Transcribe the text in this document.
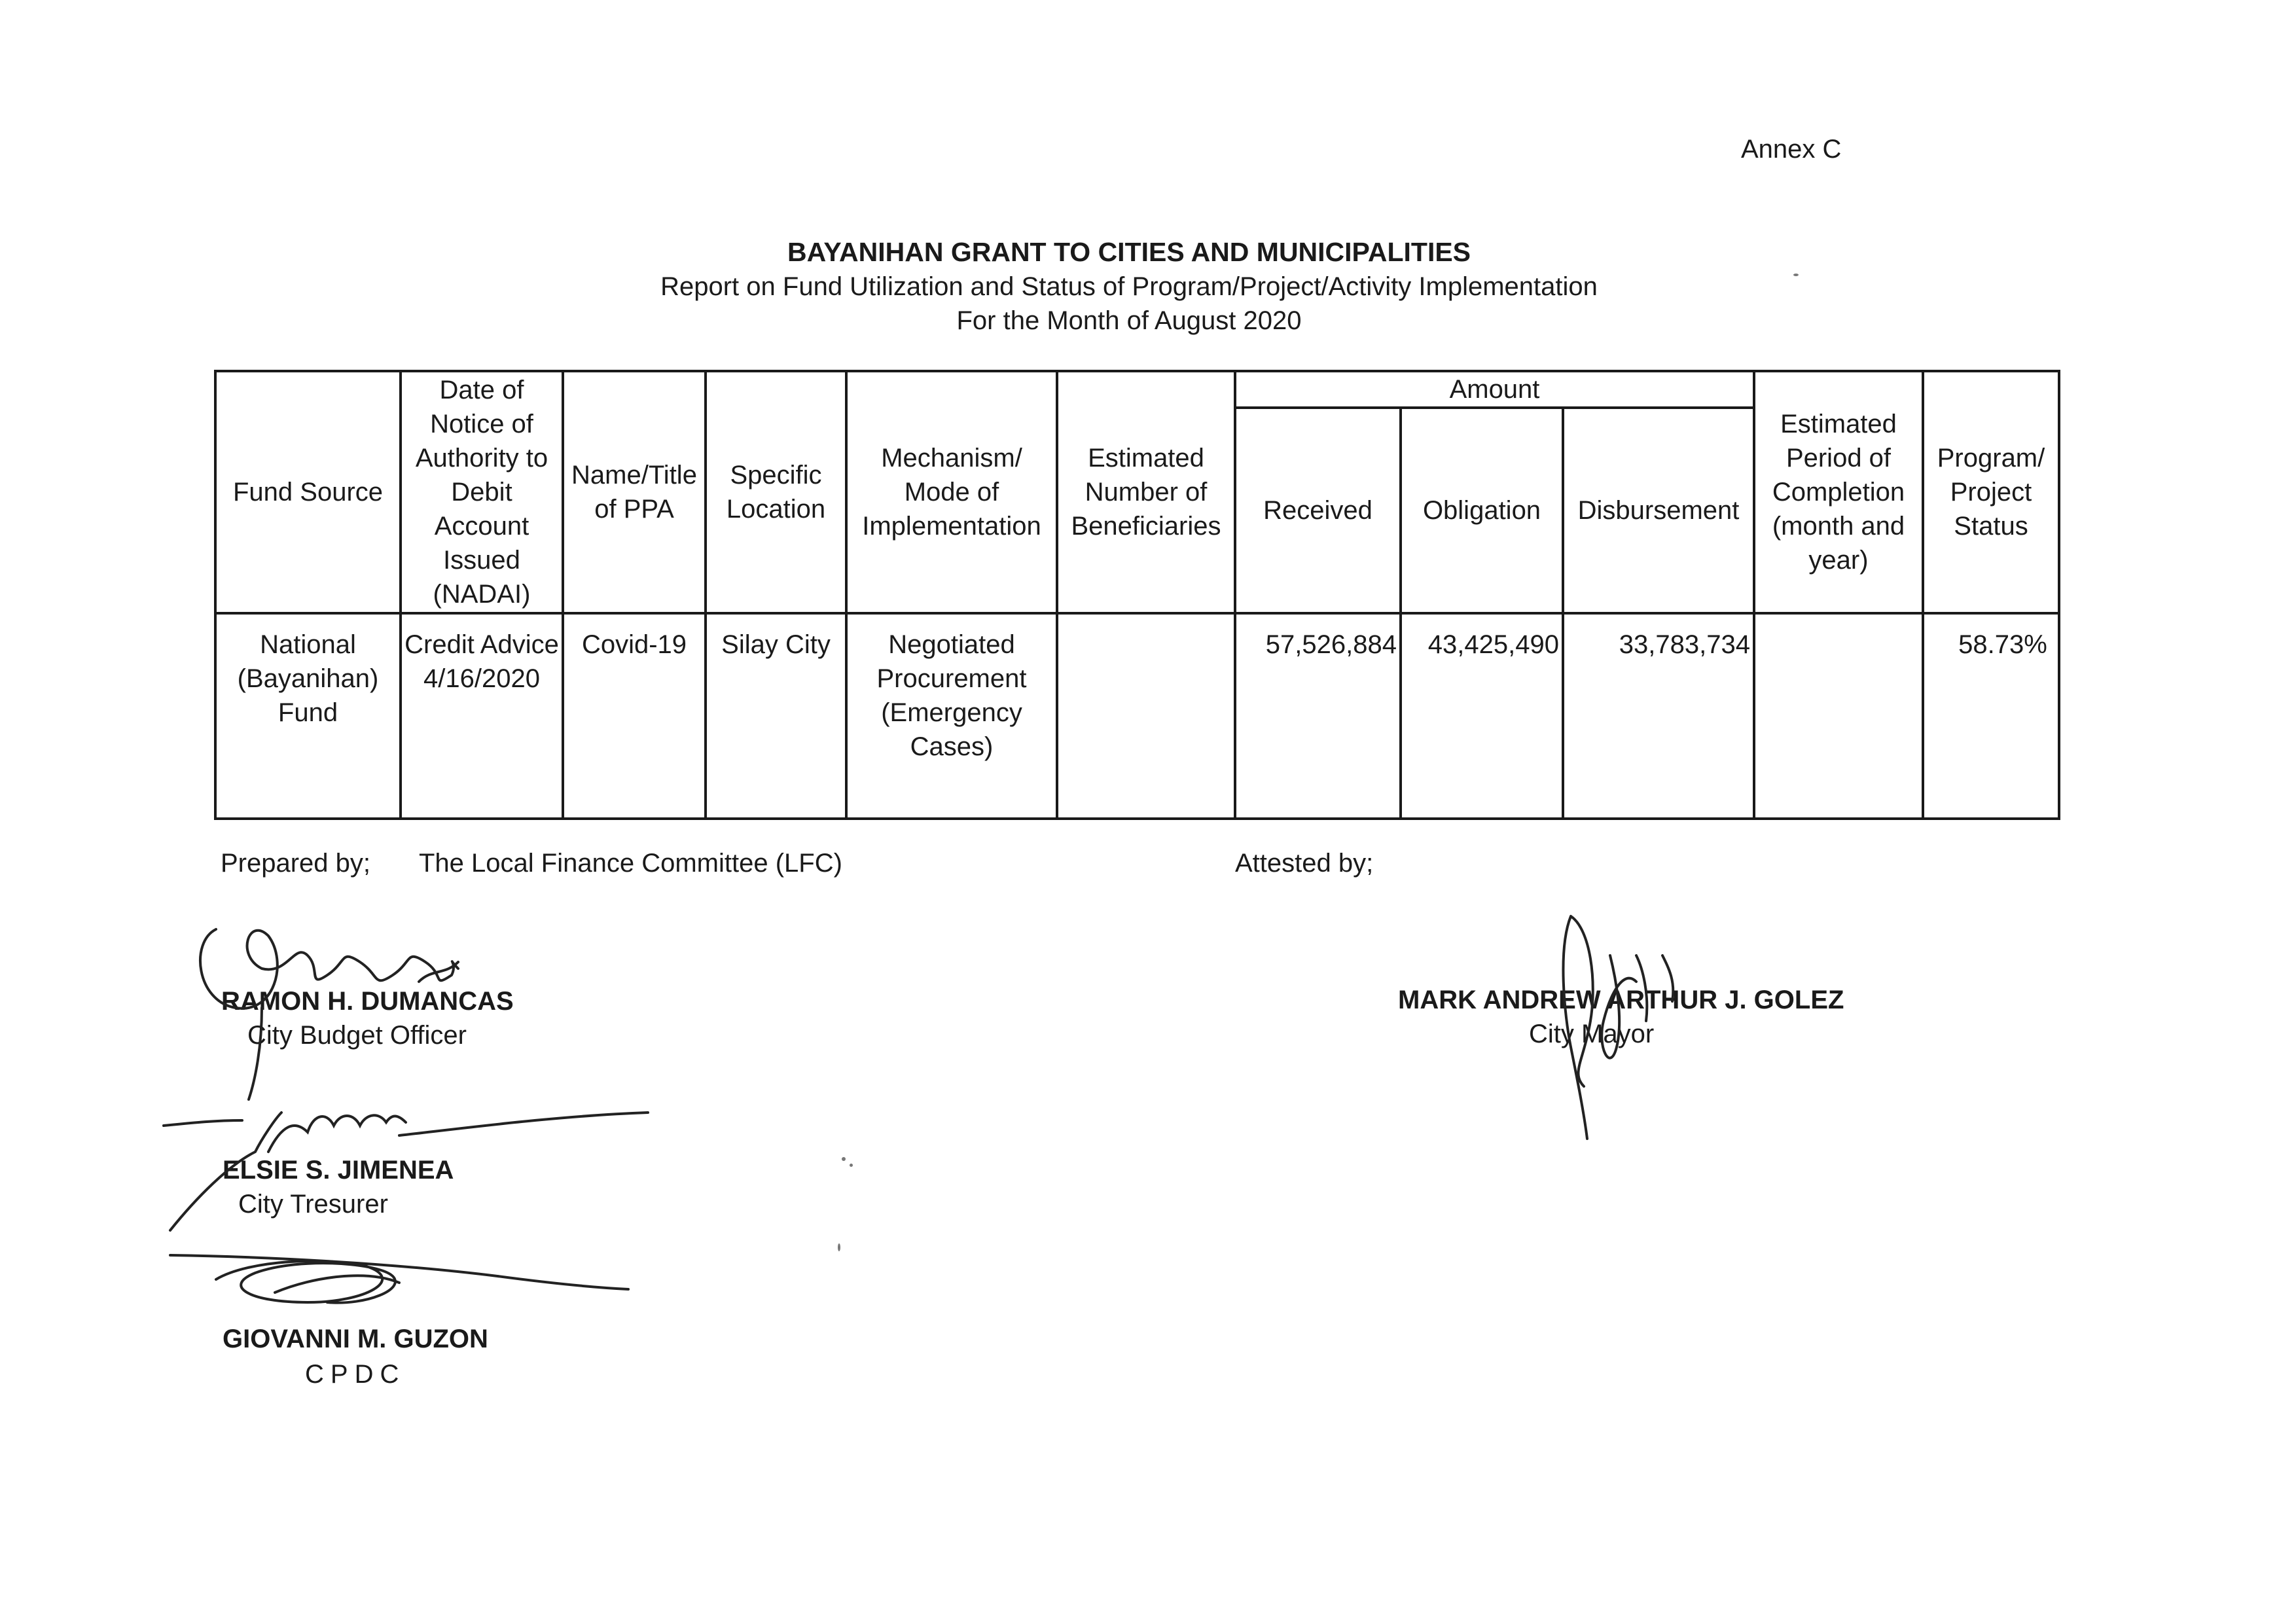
Annex C
BAYANIHAN GRANT TO CITIES AND MUNICIPALITIES
Report on Fund Utilization and Status of Program/Project/Activity Implementation
For the Month of August 2020
Fund Source	Date of Notice of Authority to Debit Account Issued (NADAI)	Name/Title of PPA	Specific Location	Mechanism/ Mode of Implementation	Estimated Number of Beneficiaries	Amount			Estimated Period of Completion (month and year)	Program/ Project Status
						Received	Obligation	Disbursement		
National (Bayanihan) Fund	Credit Advice 4/16/2020	Covid-19	Silay City	Negotiated Procurement (Emergency Cases)		57,526,884	43,425,490	33,783,734		58.73%
Prepared by; The Local Finance Committee (LFC)	Attested by;
RAMON H. DUMANCAS
City Budget Officer
ELSIE S. JIMENEA
City Tresurer
GIOVANNI M. GUZON
CPDC
MARK ANDREW ARTHUR J. GOLEZ
City Mayor
